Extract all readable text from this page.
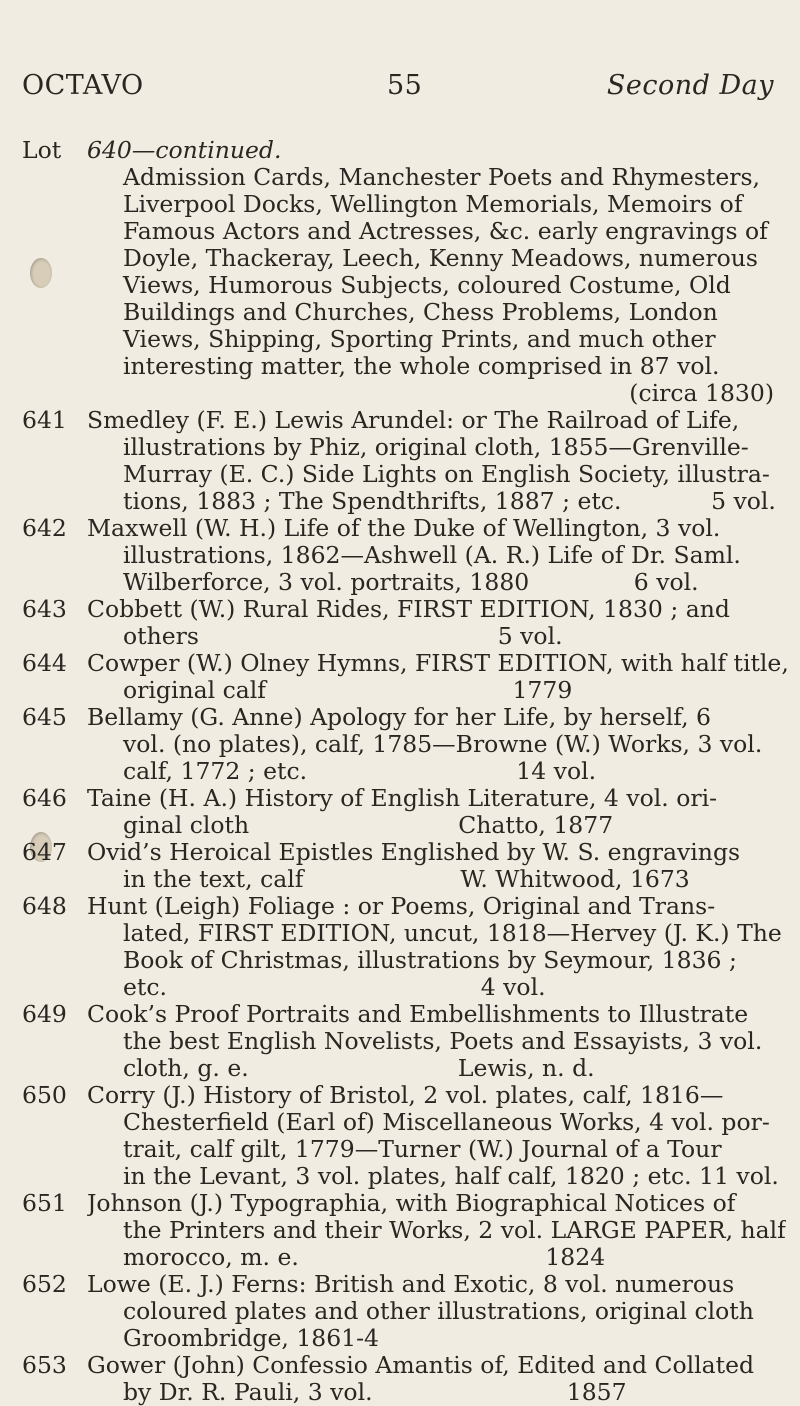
OCTAVO	55	Second Day
Lot	640—continued.
Admission Cards, Manchester Poets and Rhymesters,
Liverpool Docks, Wellington Memorials, Memoirs of
Famous Actors and Actresses, &c. early engravings of
Doyle, Thackeray, Leech, Kenny Meadows, numerous
Views, Humorous Subjects, coloured Costume, Old
Buildings and Churches, Chess Problems, London
Views, Shipping, Sporting Prints, and much other
interesting matter, the whole comprised in 87 vol.
(circa 1830)
641 Smedley (F. E.) Lewis Arundel: or The Railroad of Life,
illustrations by Phiz, original cloth, 1855—Grenville-
Murray (E. C.) Side Lights on English Society, illustra-
tions, 1883 ; The Spendthrifts, 1887 ; etc.            5 vol.
642 Maxwell (W. H.) Life of the Duke of Wellington, 3 vol.
illustrations, 1862—Ashwell (A. R.) Life of Dr. Saml.
Wilberforce, 3 vol. portraits, 1880              6 vol.
643 Cobbett (W.) Rural Rides, FIRST EDITION, 1830 ; and
others                                        5 vol.
644 Cowper (W.) Olney Hymns, FIRST EDITION, with half title,
original calf                                 1779
645 Bellamy (G. Anne) Apology for her Life, by herself, 6
vol. (no plates), calf, 1785—Browne (W.) Works, 3 vol.
calf, 1772 ; etc.                            14 vol.
646 Taine (H. A.) History of English Literature, 4 vol. ori-
ginal cloth                            Chatto, 1877
647 Ovid’s Heroical Epistles Englished by W. S. engravings
in the text, calf                     W. Whitwood, 1673
648 Hunt (Leigh) Foliage : or Poems, Original and Trans-
lated, FIRST EDITION, uncut, 1818—Hervey (J. K.) The
Book of Christmas, illustrations by Seymour, 1836 ;
etc.                                          4 vol.
649 Cook’s Proof Portraits and Embellishments to Illustrate
the best English Novelists, Poets and Essayists, 3 vol.
cloth, g. e.                            Lewis, n. d.
650 Corry (J.) History of Bristol, 2 vol. plates, calf, 1816—
Chesterfield (Earl of) Miscellaneous Works, 4 vol. por-
trait, calf gilt, 1779—Turner (W.) Journal of a Tour
in the Levant, 3 vol. plates, half calf, 1820 ; etc. 11 vol.
651 Johnson (J.) Typographia, with Biographical Notices of
the Printers and their Works, 2 vol. LARGE PAPER, half
morocco, m. e.                                 1824
652 Lowe (E. J.) Ferns: British and Exotic, 8 vol. numerous
coloured plates and other illustrations, original cloth
Groombridge, 1861-4
653 Gower (John) Confessio Amantis of, Edited and Collated
by Dr. R. Pauli, 3 vol.                          1857
